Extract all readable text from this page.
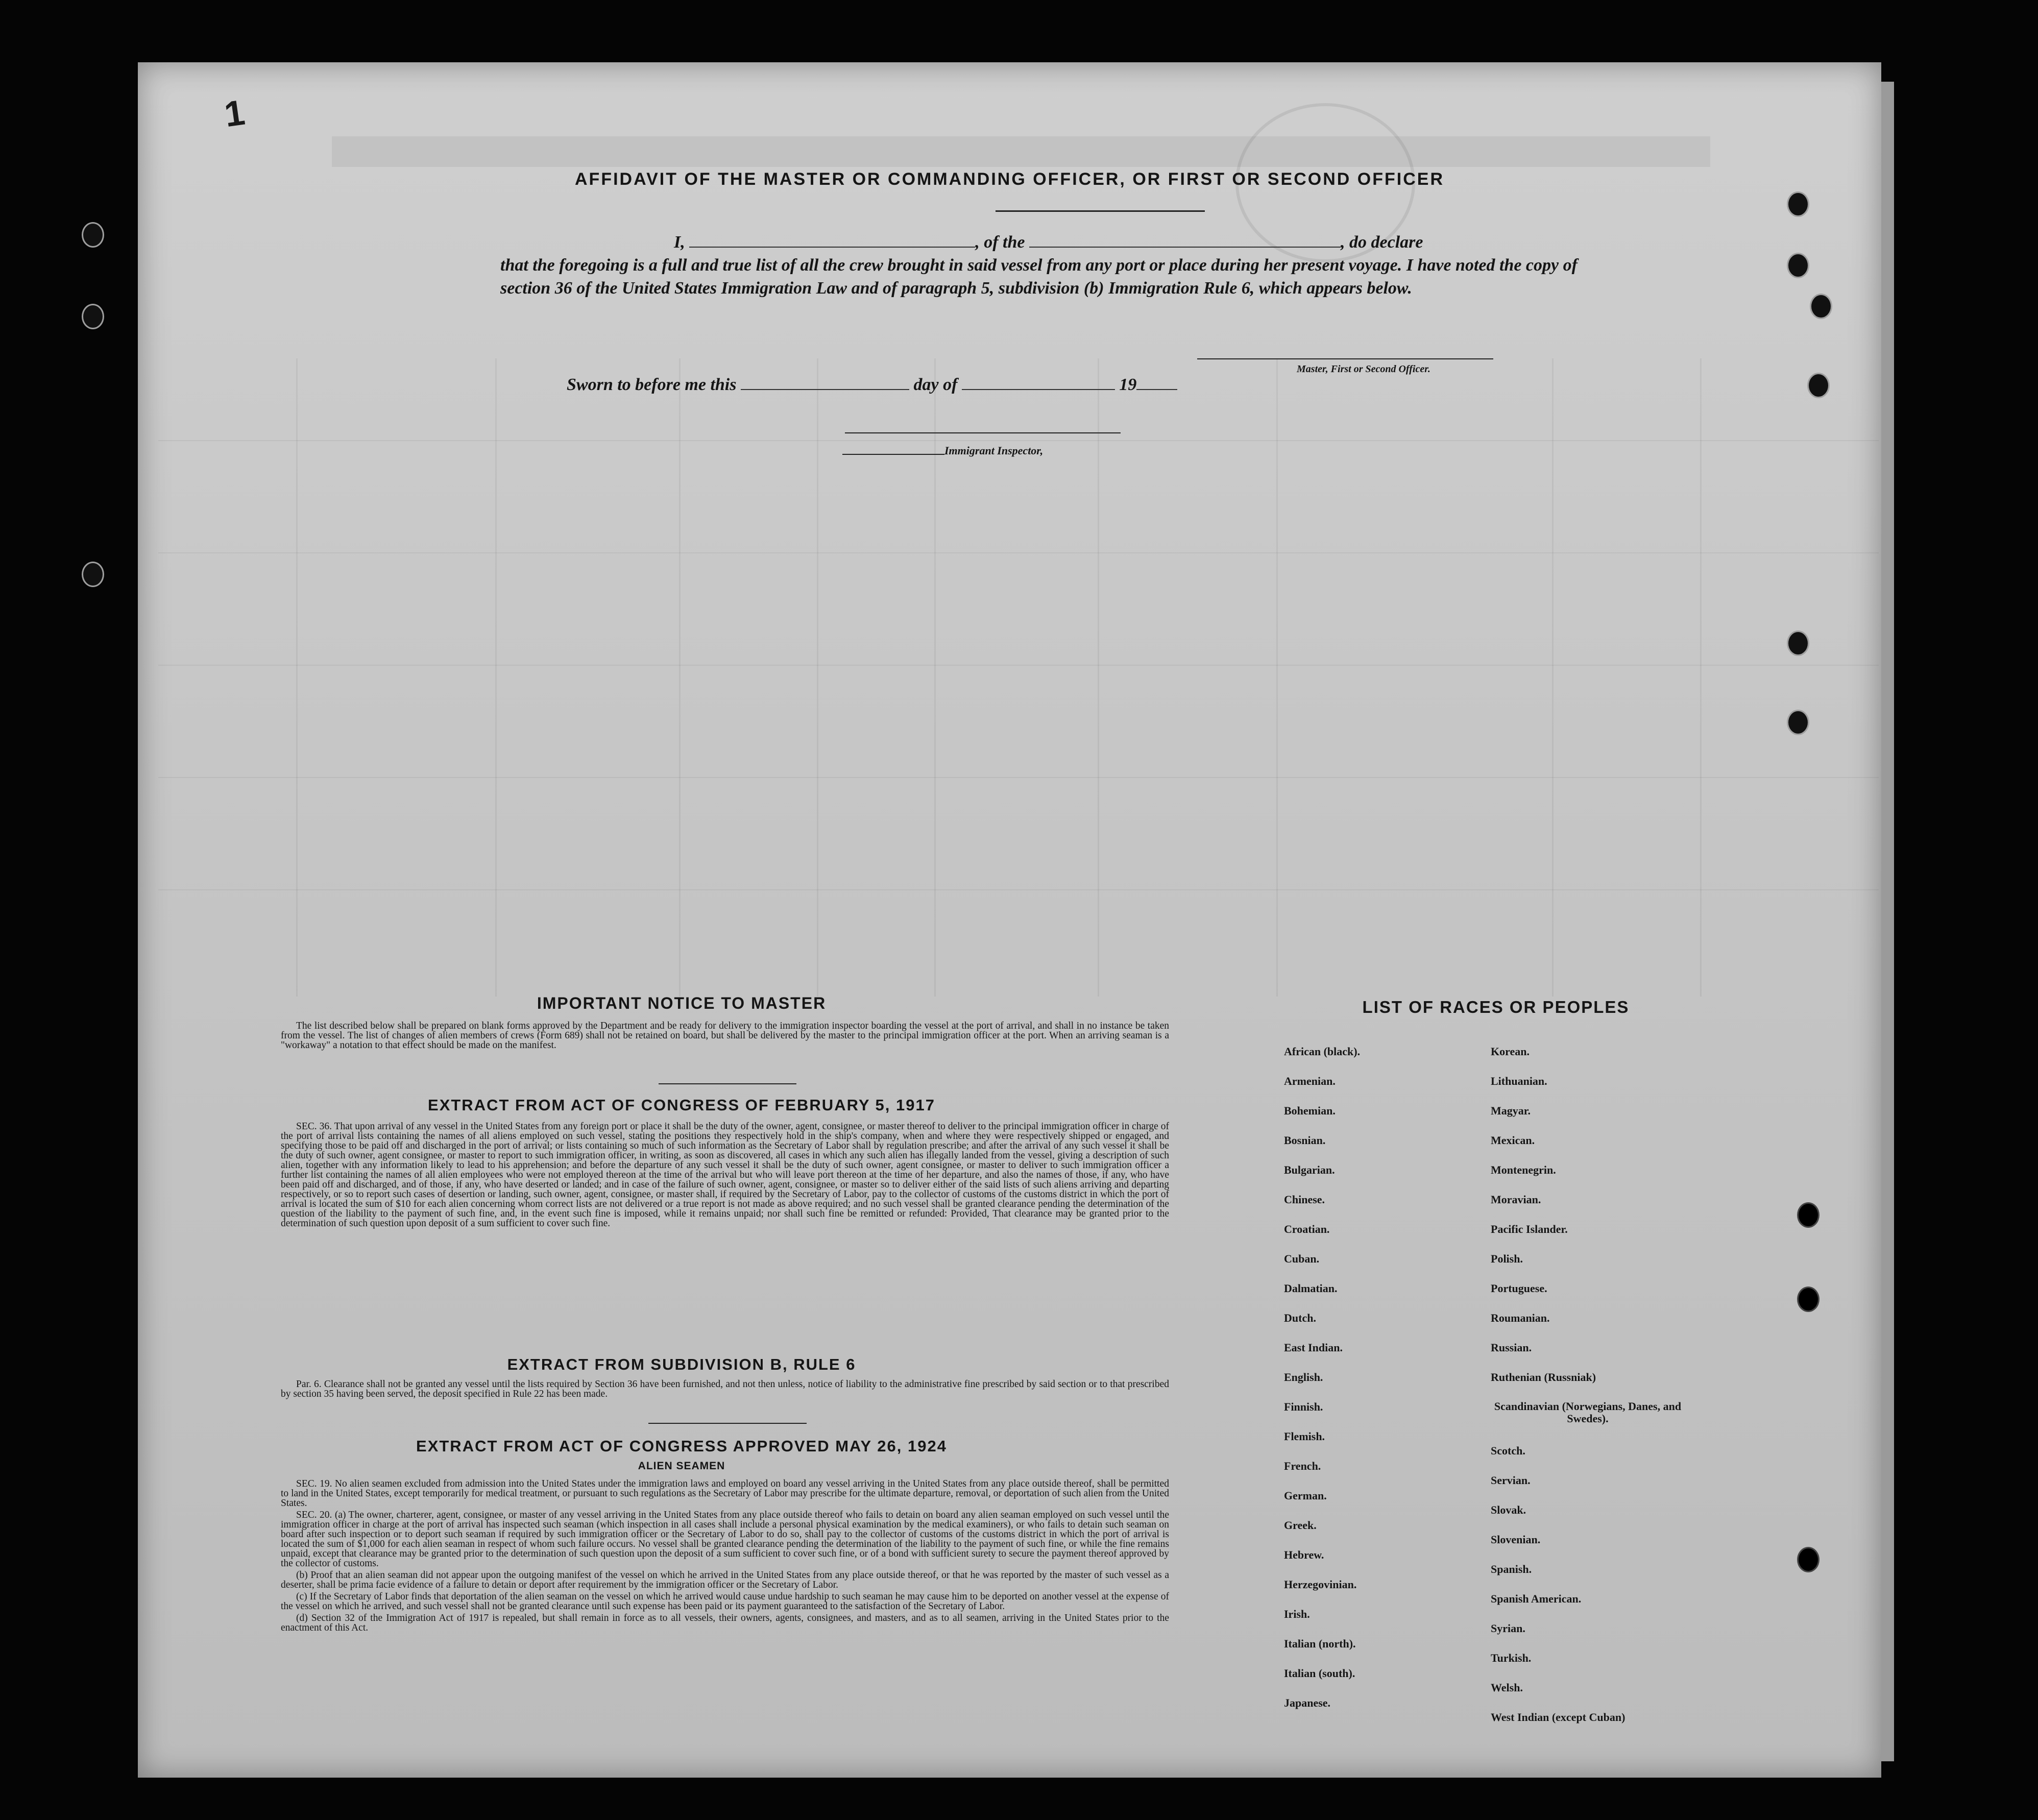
1
AFFIDAVIT OF THE MASTER OR COMMANDING OFFICER, OR FIRST OR SECOND OFFICER
I,	, of the	, do declare
that the foregoing is a full and true list of all the crew brought in said vessel from any port or place during her present voyage. I have noted the copy of section 36 of the United States Immigration Law and of paragraph 5, subdivision (b) Immigration Rule 6, which appears below.
Master, First or Second Officer.
Sworn to before me this	day of	19
Immigrant Inspector,
IMPORTANT NOTICE TO MASTER

The list described below shall be prepared on blank forms approved by the Department and be ready for delivery to the immigration inspector boarding the vessel at the port of arrival, and shall in no instance be taken from the vessel. The list of changes of alien members of crews (Form 689) shall not be retained on board, but shall be delivered by the master to the principal immigration officer at the port. When an arriving seaman is a "workaway" a notation to that effect should be made on the manifest.

EXTRACT FROM ACT OF CONGRESS OF FEBRUARY 5, 1917

SEC. 36. That upon arrival of any vessel in the United States from any foreign port or place it shall be the duty of the owner, agent, consignee, or master thereof to deliver to the principal immigration officer in charge of the port of arrival lists containing the names of all aliens employed on such vessel, stating the positions they respectively hold in the ship's company, when and where they were respectively shipped or engaged, and specifying those to be paid off and discharged in the port of arrival; or lists containing so much of such information as the Secretary of Labor shall by regulation prescribe; and after the arrival of any such vessel it shall be the duty of such owner, agent consignee, or master to report to such immigration officer, in writing, as soon as discovered, all cases in which any such alien has illegally landed from the vessel, giving a description of such alien, together with any information likely to lead to his apprehension; and before the departure of any such vessel it shall be the duty of such owner, agent consignee, or master to deliver to such immigration officer a further list containing the names of all alien employees who were not employed thereon at the time of the arrival but who will leave port thereon at the time of her departure, and also the names of those, if any, who have been paid off and discharged, and of those, if any, who have deserted or landed; and in case of the failure of such owner, agent, consignee, or master so to deliver either of the said lists of such aliens arriving and departing respectively, or so to report such cases of desertion or landing, such owner, agent, consignee, or master shall, if required by the Secretary of Labor, pay to the collector of customs of the customs district in which the port of arrival is located the sum of $10 for each alien concerning whom correct lists are not delivered or a true report is not made as above required; and no such vessel shall be granted clearance pending the determination of the question of the liability to the payment of such fine, and, in the event such fine is imposed, while it remains unpaid; nor shall such fine be remitted or refunded: Provided, That clearance may be granted prior to the determination of such question upon deposit of a sum sufficient to cover such fine.

EXTRACT FROM SUBDIVISION B, RULE 6

Par. 6. Clearance shall not be granted any vessel until the lists required by Section 36 have been furnished, and not then unless, notice of liability to the administrative fine prescribed by said section or to that prescribed by section 35 having been served, the deposit specified in Rule 22 has been made.

EXTRACT FROM ACT OF CONGRESS APPROVED MAY 26, 1924
ALIEN SEAMEN

SEC. 19. No alien seamen excluded from admission into the United States under the immigration laws and employed on board any vessel arriving in the United States from any place outside thereof, shall be permitted to land in the United States, except temporarily for medical treatment, or pursuant to such regulations as the Secretary of Labor may prescribe for the ultimate departure, removal, or deportation of such alien from the United States.

SEC. 20. (a) The owner, charterer, agent, consignee, or master of any vessel arriving in the United States from any place outside thereof who fails to detain on board any alien seaman employed on such vessel until the immigration officer in charge at the port of arrival has inspected such seaman (which inspection in all cases shall include a personal physical examination by the medical examiners), or who fails to detain such seaman on board after such inspection or to deport such seaman if required by such immigration officer or the Secretary of Labor to do so, shall pay to the collector of customs of the customs district in which the port of arrival is located the sum of $1,000 for each alien seaman in respect of whom such failure occurs. No vessel shall be granted clearance pending the determination of the liability to the payment of such fine, or while the fine remains unpaid, except that clearance may be granted prior to the determination of such question upon the deposit of a sum sufficient to cover such fine, or of a bond with sufficient surety to secure the payment thereof approved by the collector of customs.

(b) Proof that an alien seaman did not appear upon the outgoing manifest of the vessel on which he arrived in the United States from any place outside thereof, or that he was reported by the master of such vessel as a deserter, shall be prima facie evidence of a failure to detain or deport after requirement by the immigration officer or the Secretary of Labor.

(c) If the Secretary of Labor finds that deportation of the alien seaman on the vessel on which he arrived would cause undue hardship to such seaman he may cause him to be deported on another vessel at the expense of the vessel on which he arrived, and such vessel shall not be granted clearance until such expense has been paid or its payment guaranteed to the satisfaction of the Secretary of Labor.

(d) Section 32 of the Immigration Act of 1917 is repealed, but shall remain in force as to all vessels, their owners, agents, consignees, and masters, and as to all seamen, arriving in the United States prior to the enactment of this Act.

LIST OF RACES OR PEOPLES
African (black).
Armenian.
Bohemian.
Bosnian.
Bulgarian.
Chinese.
Croatian.
Cuban.
Dalmatian.
Dutch.
East Indian.
English.
Finnish.
Flemish.
French.
German.
Greek.
Hebrew.
Herzegovinian.
Irish.
Italian (north).
Italian (south).
Japanese.
Korean.
Lithuanian.
Magyar.
Mexican.
Montenegrin.
Moravian.
Pacific Islander.
Polish.
Portuguese.
Roumanian.
Russian.
Ruthenian (Russniak)
Scandinavian (Norwegians, Danes, and Swedes).
Scotch.
Servian.
Slovak.
Slovenian.
Spanish.
Spanish American.
Syrian.
Turkish.
Welsh.
West Indian (except Cuban)
